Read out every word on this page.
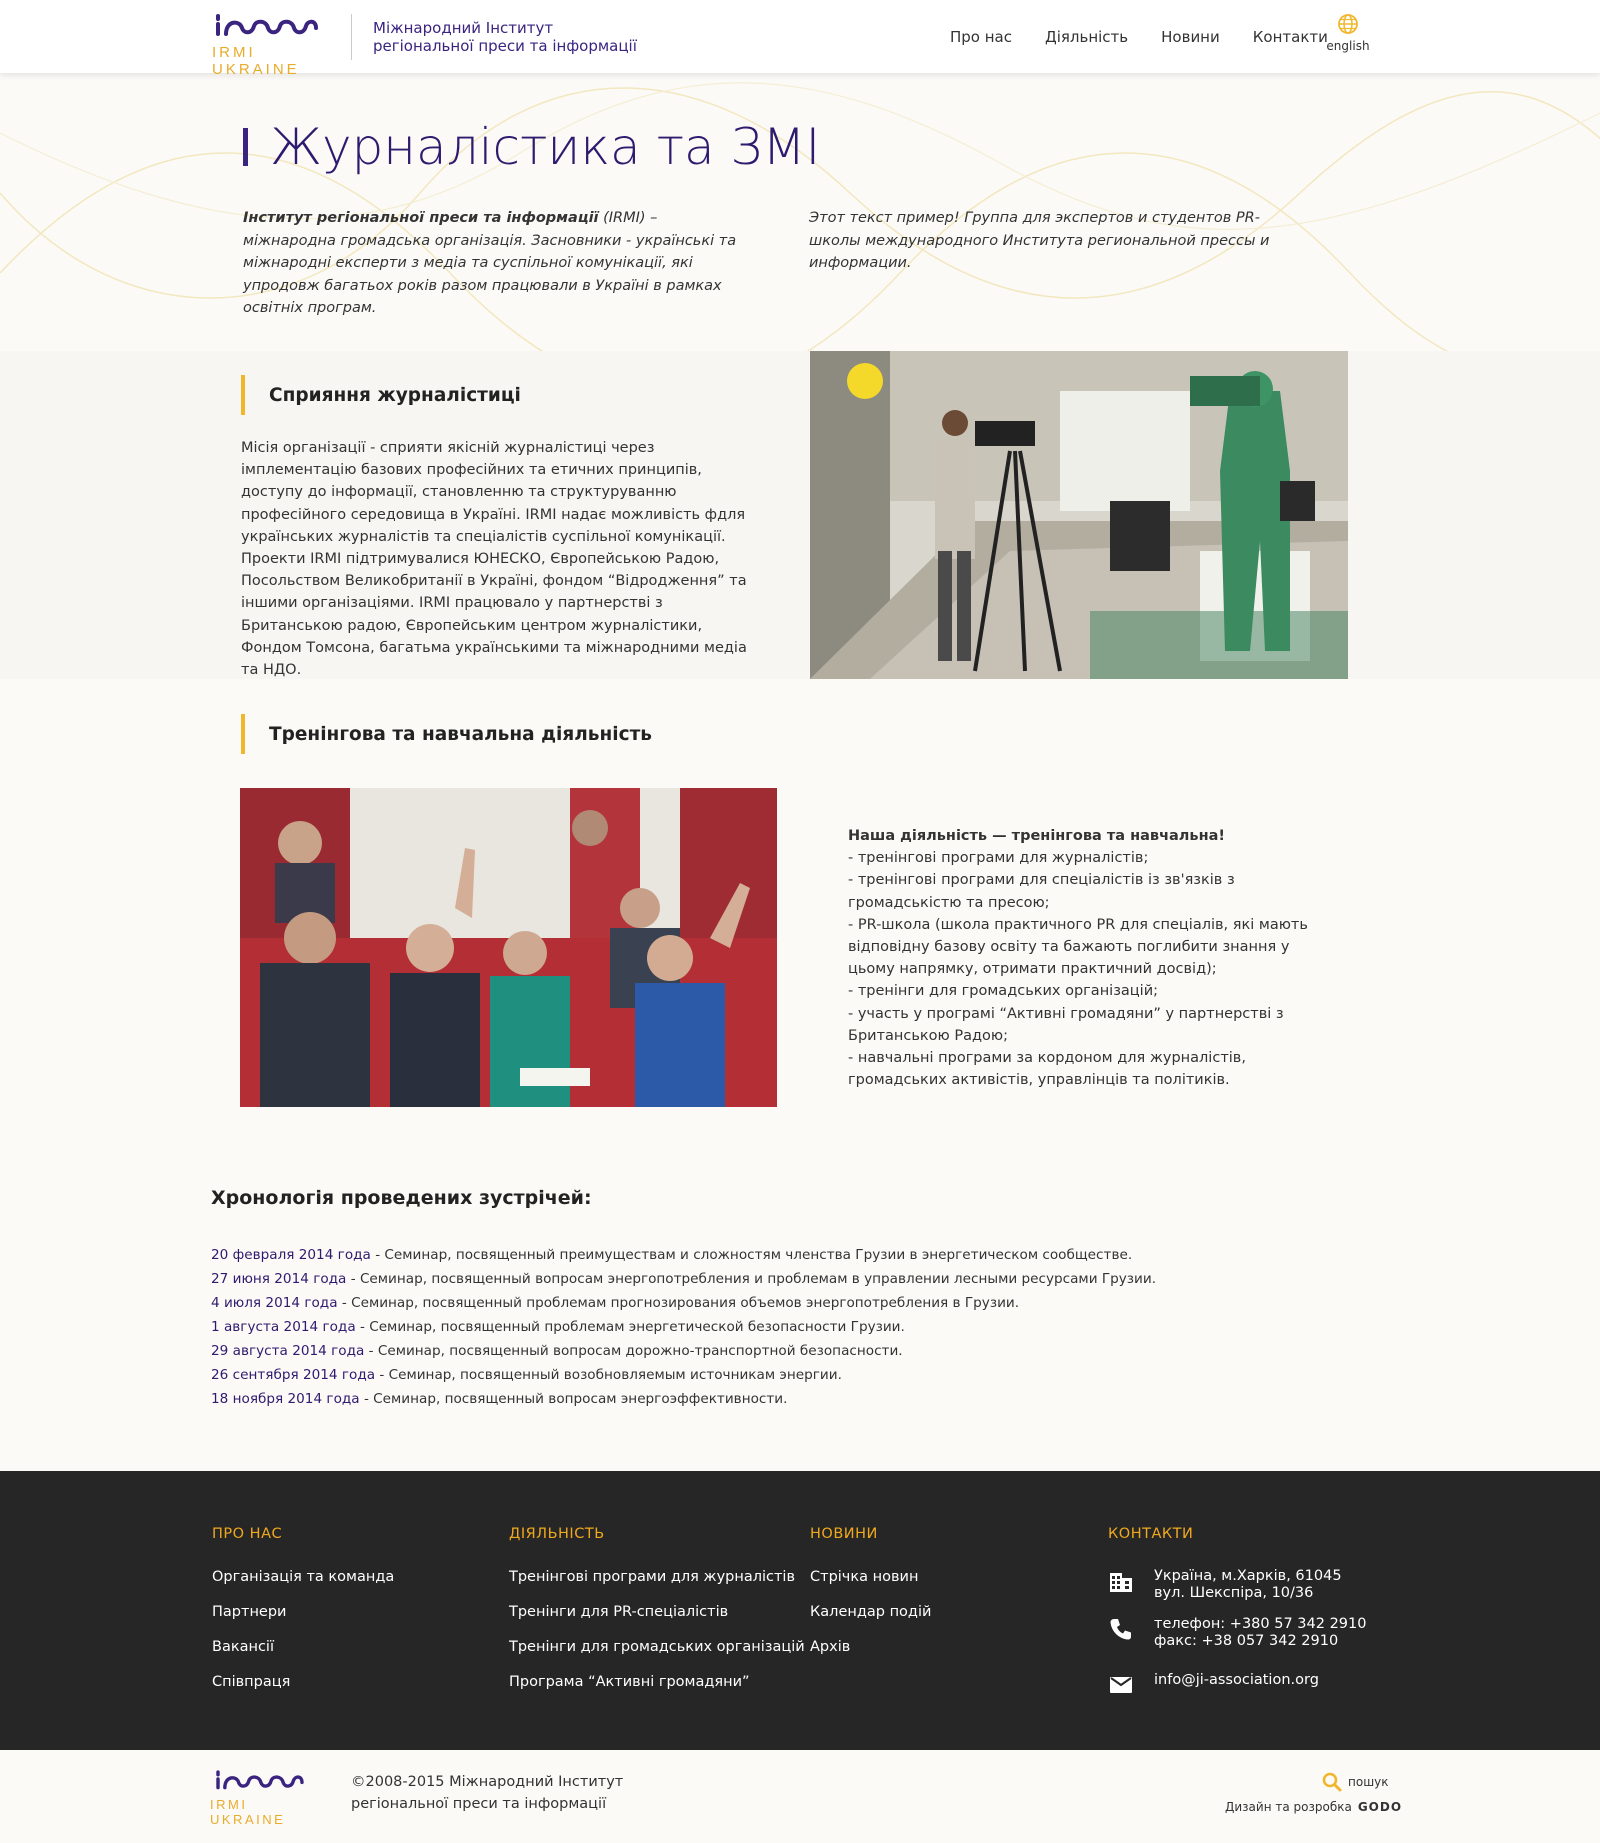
IRMI UKRAINE
Міжнародний Інститут
регіональної преси та інформації	Про нас Діяльність Новини Контакти
english
Журналістика та ЗМІ
Інститут регіональної преси та інформації (IRMI) – міжнародна громадська організація. Засновники - українські та міжнародні експерти з медіа та суспільної комунікації, які упродовж багатьох років разом працювали в Україні в рамках освітніх програм.
Этот текст пример! Группа для экспертов и студентов PR-школы международного Института региональной прессы и информации.
Сприяння журналістиці
Місія організації - сприяти якісній журналістиці через імплементацію базових професійних та етичних принципів, доступу до інформації, становленню та структуруванню професійного середовища в Україні. IRMI надає можливість фдля українських журналістів та спеціалістів суспільної комунікації. Проекти IRMI підтримувалися ЮНЕСКО, Європейською Радою, Посольством Великобританії в Україні, фондом “Відродження” та іншими організаціями. IRMI працювало у партнерстві з Британською радою, Європейським центром журналістики, Фондом Томсона, багатьма українськими та міжнародними медіа та НДО.
Тренінгова та навчальна діяльність
Наша діяльність — тренінгова та навчальна!
- тренінгові програми для журналістів;
- тренінгові програми для спеціалістів із зв'язків з громадськістю та пресою;
- PR-школа (школа практичного PR для спеціалів, які мають відповідну базову освіту та бажають поглибити знання у цьому напрямку, отримати практичний досвід);
- тренінги для громадських організацій;
- участь у програмі “Активні громадяни” у партнерстві з Британською Радою;
- навчальні програми за кордоном для журналістів, громадських активістів, управлінців та політиків.
Хронологія проведених зустрічей:
20 февраля 2014 года - Семинар, посвященный преимуществам и сложностям членства Грузии в энергетическом сообществе.
27 июня 2014 года - Семинар, посвященный вопросам энергопотребления и проблемам в управлении лесными ресурсами Грузии.
4 июля 2014 года - Семинар, посвященный проблемам прогнозирования объемов энергопотребления в Грузии.
1 августа 2014 года - Семинар, посвященный проблемам энергетической безопасности Грузии.
29 августа 2014 года - Семинар, посвященный вопросам дорожно-транспортной безопасности.
26 сентября 2014 года - Семинар, посвященный возобновляемым источникам энергии.
18 ноября 2014 года - Семинар, посвященный вопросам энергоэффективности.
ПРО НАС
Організація та команда
Партнери
Вакансії
Співпраця
ДІЯЛЬНІСТЬ
Тренінгові програми для журналістів
Тренінги для PR-спеціалістів
Тренінги для громадських організацій
Програма “Активні громадяни”
НОВИНИ
Стрічка новин
Календар подій
Архів
КОНТАКТИ
Україна, м.Харків, 61045
вул. Шекспіра, 10/36
телефон: +380 57 342 2910
факс: +38 057 342 2910
info@ji-association.org
IRMI UKRAINE
©2008-2015 Міжнародний Інститут
регіональної преси та інформації
пошук
Дизайн та розробка GODO
